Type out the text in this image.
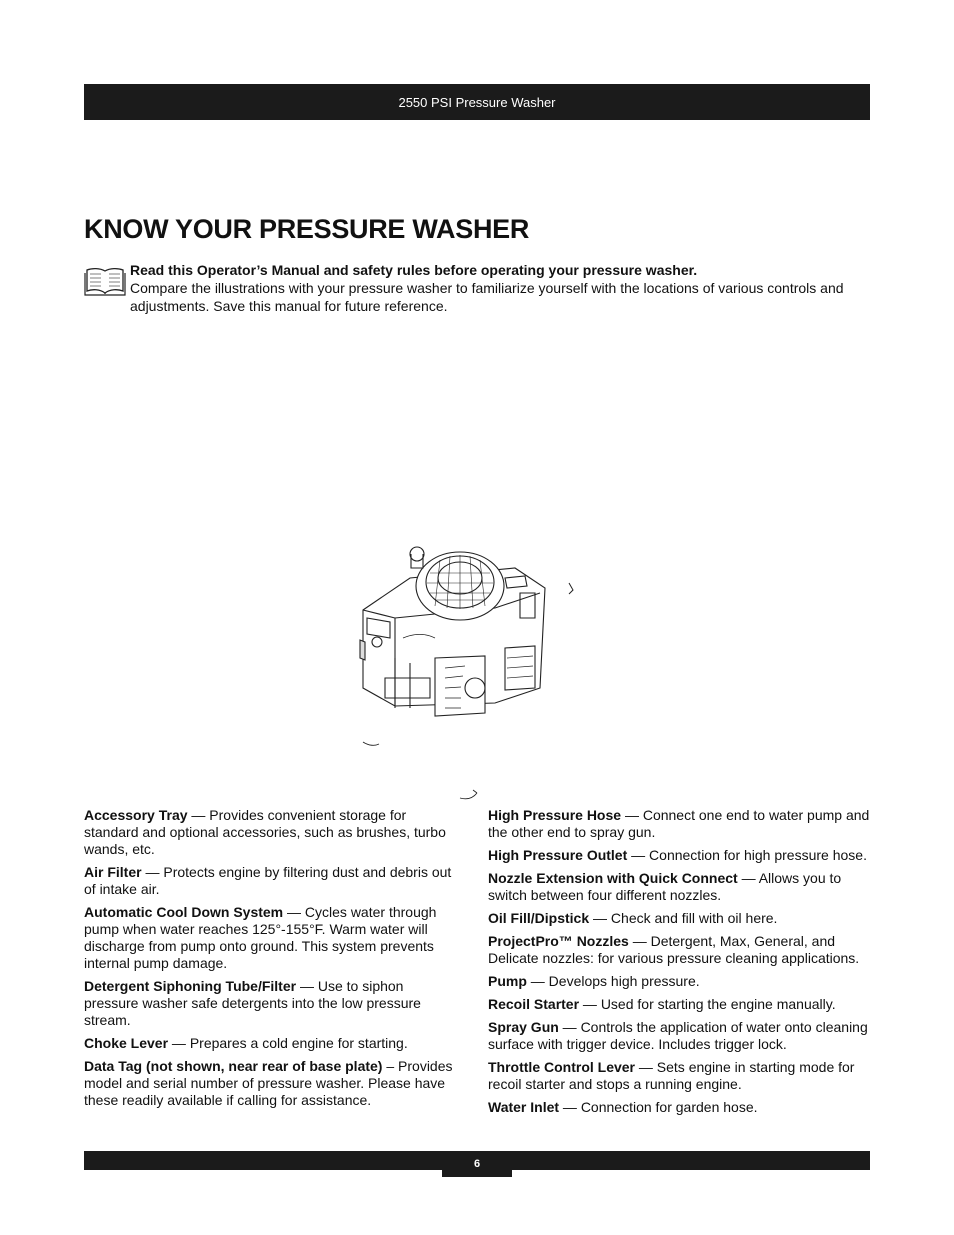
2550 PSI Pressure Washer
KNOW YOUR PRESSURE WASHER
Read this Operator’s Manual and safety rules before operating your pressure washer.
Compare the illustrations with your pressure washer to familiarize yourself with the locations of various controls and adjustments. Save this manual for future reference.

Accessory Tray — Provides convenient storage for standard and optional accessories, such as brushes, turbo wands, etc.

Air Filter — Protects engine by filtering dust and debris out of intake air.

Automatic Cool Down System — Cycles water through pump when water reaches 125°-155°F. Warm water will discharge from pump onto ground. This system prevents internal pump damage.

Detergent Siphoning Tube/Filter — Use to siphon pressure washer safe detergents into the low pressure stream.

Choke Lever — Prepares a cold engine for starting.

Data Tag (not shown, near rear of base plate) – Provides model and serial number of pressure washer. Please have these readily available if calling for assistance.

High Pressure Hose — Connect one end to water pump and the other end to spray gun.

High Pressure Outlet — Connection for high pressure hose.

Nozzle Extension with Quick Connect — Allows you to switch between four different nozzles.

Oil Fill/Dipstick — Check and fill with oil here.

ProjectPro™ Nozzles — Detergent, Max, General, and Delicate nozzles: for various pressure cleaning applications.

Pump — Develops high pressure.

Recoil Starter — Used for starting the engine manually.

Spray Gun — Controls the application of water onto cleaning surface with trigger device. Includes trigger lock.

Throttle Control Lever — Sets engine in starting mode for recoil starter and stops a running engine.

Water Inlet — Connection for garden hose.

6
